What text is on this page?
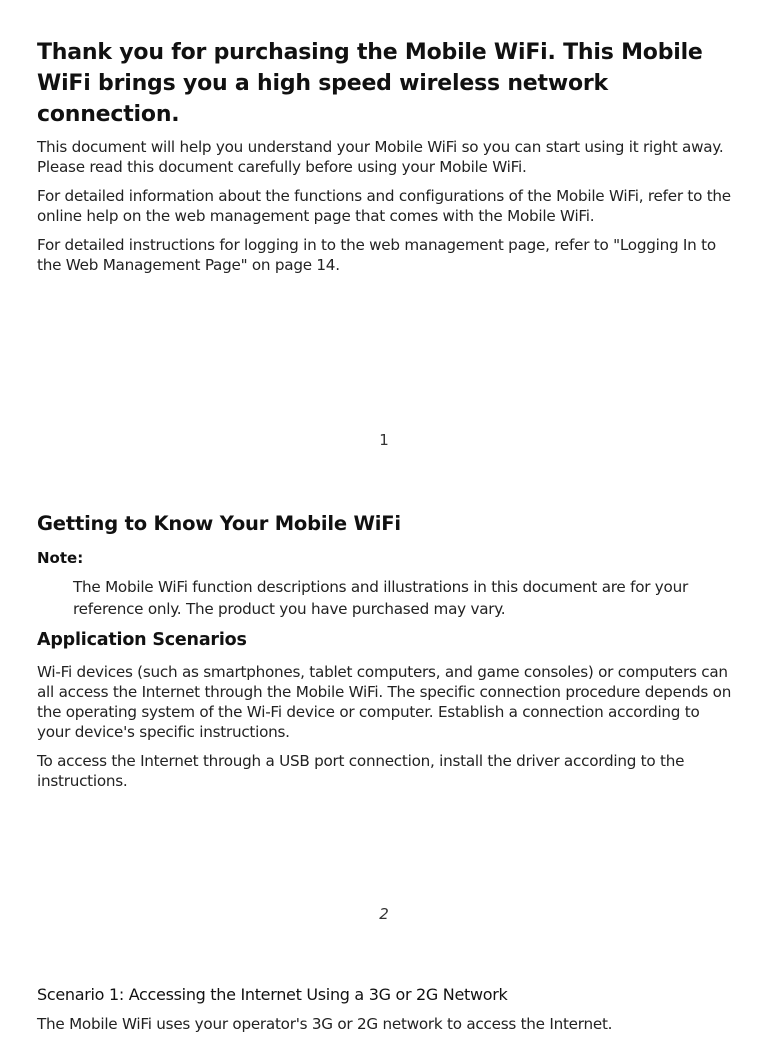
Thank you for purchasing the Mobile WiFi. This Mobile WiFi brings you a high speed wireless network connection.

This document will help you understand your Mobile WiFi so you can start using it right away. Please read this document carefully before using your Mobile WiFi.

For detailed information about the functions and configurations of the Mobile WiFi, refer to the online help on the web management page that comes with the Mobile WiFi.

For detailed instructions for logging in to the web management page, refer to "Logging In to the Web Management Page" on page 14.

1
Getting to Know Your Mobile WiFi

Note:

The Mobile WiFi function descriptions and illustrations in this document are for your reference only. The product you have purchased may vary.

Application Scenarios

Wi-Fi devices (such as smartphones, tablet computers, and game consoles) or computers can all access the Internet through the Mobile WiFi. The specific connection procedure depends on the operating system of the Wi-Fi device or computer. Establish a connection according to your device's specific instructions.

To access the Internet through a USB port connection, install the driver according to the instructions.

2
Scenario 1: Accessing the Internet Using a 3G or 2G Network

The Mobile WiFi uses your operator's 3G or 2G network to access the Internet.
